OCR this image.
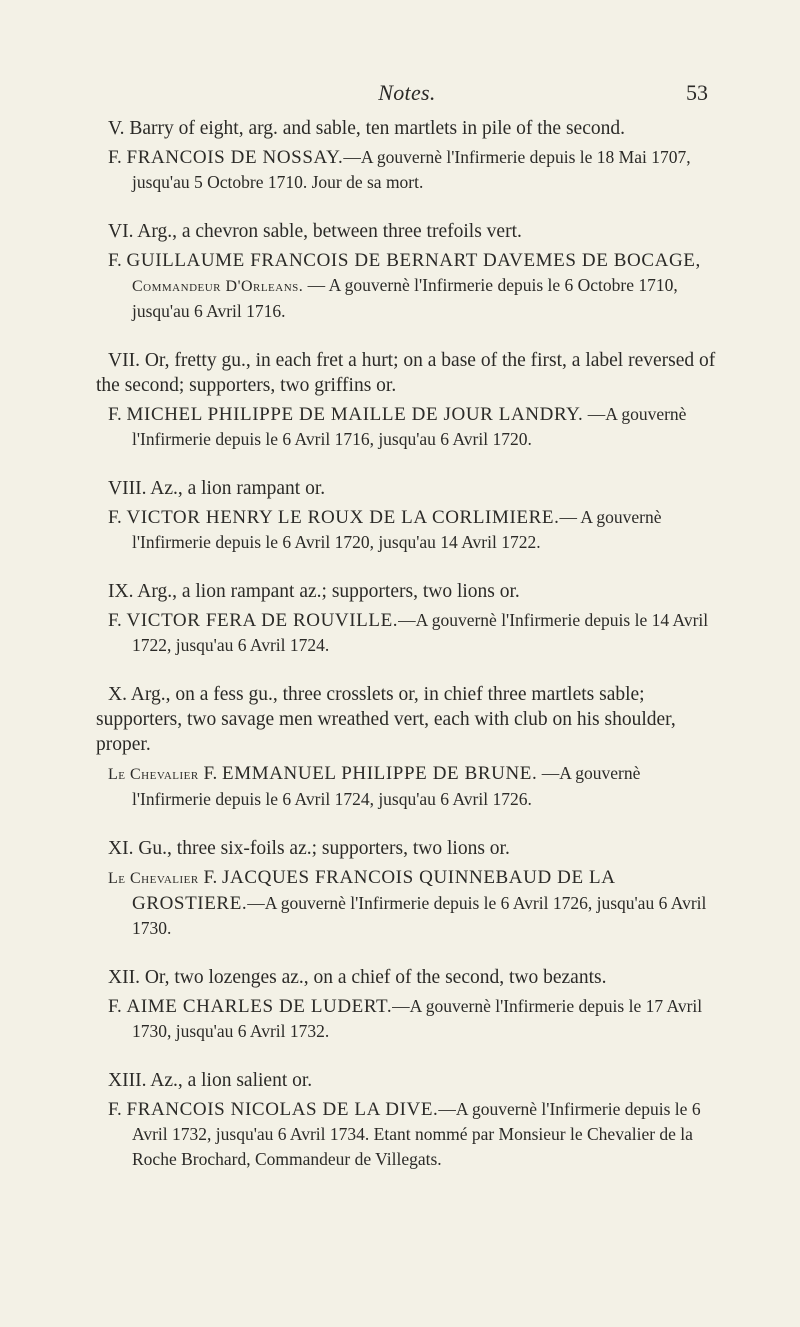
Notes.	53

V. Barry of eight, arg. and sable, ten martlets in pile of the second.

F. FRANCOIS DE NOSSAY.—A gouvernè l'Infirmerie depuis le 18 Mai 1707, jusqu'au 5 Octobre 1710. Jour de sa mort.

VI. Arg., a chevron sable, between three trefoils vert.

F. GUILLAUME FRANCOIS DE BERNART DAVEMES DE BOCAGE, Commandeur D'Orleans. — A gouvernè l'Infirmerie depuis le 6 Octobre 1710, jusqu'au 6 Avril 1716.

VII. Or, fretty gu., in each fret a hurt; on a base of the first, a label reversed of the second; supporters, two griffins or.

F. MICHEL PHILIPPE DE MAILLE DE JOUR LANDRY. —A gouvernè l'Infirmerie depuis le 6 Avril 1716, jusqu'au 6 Avril 1720.

VIII. Az., a lion rampant or.

F. VICTOR HENRY LE ROUX DE LA CORLIMIERE.— A gouvernè l'Infirmerie depuis le 6 Avril 1720, jusqu'au 14 Avril 1722.

IX. Arg., a lion rampant az.; supporters, two lions or.

F. VICTOR FERA DE ROUVILLE.—A gouvernè l'Infirmerie depuis le 14 Avril 1722, jusqu'au 6 Avril 1724.

X. Arg., on a fess gu., three crosslets or, in chief three martlets sable; supporters, two savage men wreathed vert, each with club on his shoulder, proper.

Le Chevalier F. EMMANUEL PHILIPPE DE BRUNE. —A gouvernè l'Infirmerie depuis le 6 Avril 1724, jusqu'au 6 Avril 1726.

XI. Gu., three six-foils az.; supporters, two lions or.

Le Chevalier F. JACQUES FRANCOIS QUINNEBAUD DE LA GROSTIERE.—A gouvernè l'Infirmerie depuis le 6 Avril 1726, jusqu'au 6 Avril 1730.

XII. Or, two lozenges az., on a chief of the second, two bezants.

F. AIME CHARLES DE LUDERT.—A gouvernè l'Infirmerie depuis le 17 Avril 1730, jusqu'au 6 Avril 1732.

XIII. Az., a lion salient or.

F. FRANCOIS NICOLAS DE LA DIVE.—A gouvernè l'Infirmerie depuis le 6 Avril 1732, jusqu'au 6 Avril 1734. Etant nommé par Monsieur le Chevalier de la Roche Brochard, Commandeur de Villegats.
